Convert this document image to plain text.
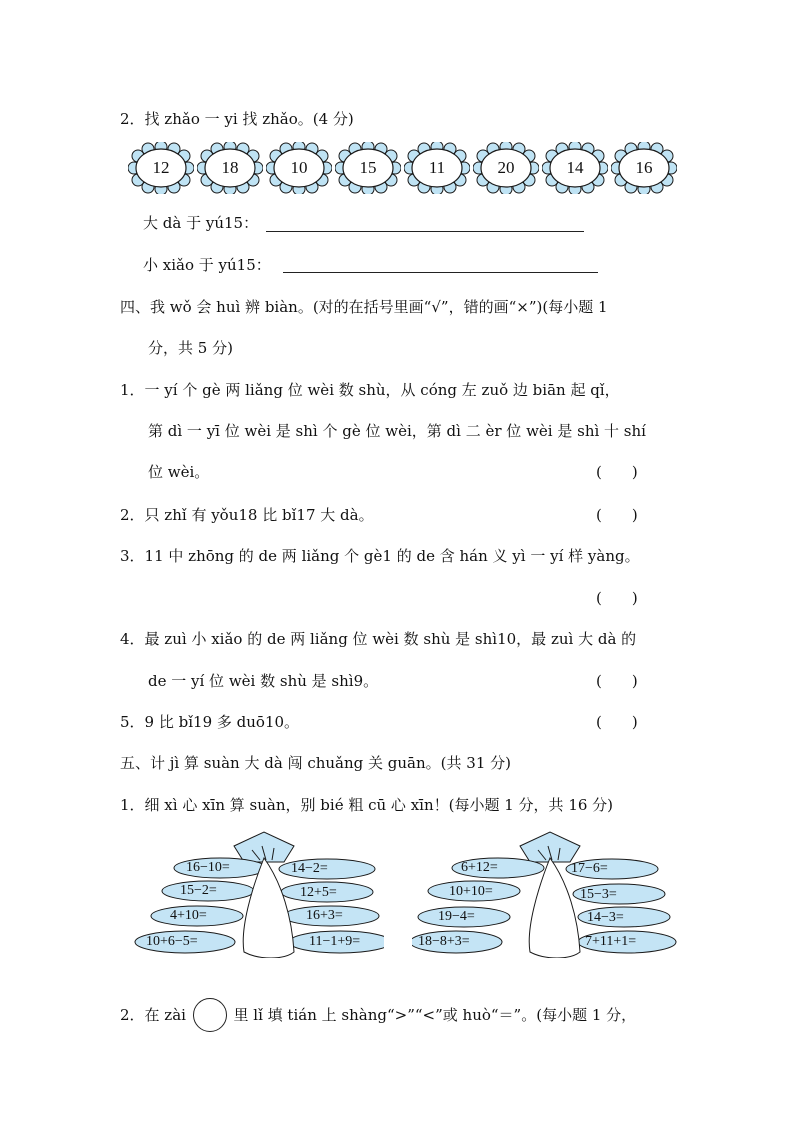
2．找 zhǎo 一 yi 找 zhǎo。(4 分)
12	18	10	15	11	20	14	16
大 dà 于 yú15：
小 xiǎo 于 yú15：
四、我 wǒ 会 huì 辨 biàn。(对的在括号里画“√”，错的画“×”)(每小题 1
分，共 5 分)
1．一 yí 个 gè 两 liǎng 位 wèi 数 shù，从 cóng 左 zuǒ 边 biān 起 qǐ，
第 dì 一 yī 位 wèi 是 shì 个 gè 位 wèi，第 dì 二 èr 位 wèi 是 shì 十 shí
位 wèi。	(　　)
2．只 zhǐ 有 yǒu18 比 bǐ17 大 dà。	(　　)
3．11 中 zhōng 的 de 两 liǎng 个 gè1 的 de 含 hán 义 yì 一 yí 样 yàng。
(　　)
4．最 zuì 小 xiǎo 的 de 两 liǎng 位 wèi 数 shù 是 shì10，最 zuì 大 dà 的
de 一 yí 位 wèi 数 shù 是 shì9。	(　　)
5．9 比 bǐ19 多 duō10。	(　　)
五、计 jì 算 suàn 大 dà 闯 chuǎng 关 guān。(共 31 分)
1．细 xì 心 xīn 算 suàn，别 bié 粗 cū 心 xīn！(每小题 1 分，共 16 分)
16−10=
15−2=
4+10=
10+6−5=
14−2=
12+5=
16+3=
11−1+9=
6+12=
10+10=
19−4=
18−8+3=
17−6=
15−3=
14−3=
7+11+1=
2．在 zài	里 lǐ 填 tián 上 shàng“>”“<”或 huò“＝”。(每小题 1 分，
